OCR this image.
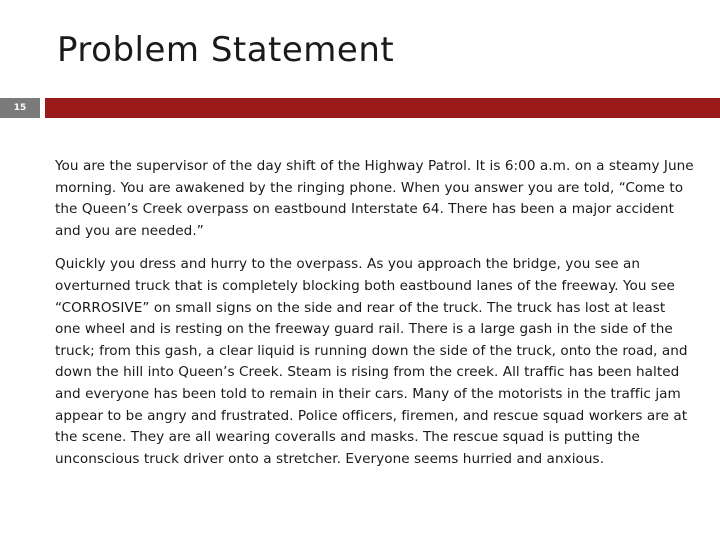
Problem Statement
15

You are the supervisor of the day shift of the Highway Patrol. It is 6:00 a.m. on a steamy June morning. You are awakened by the ringing phone. When you answer you are told, “Come to the Queen’s Creek overpass on eastbound Interstate 64. There has been a major accident and you are needed.”

Quickly you dress and hurry to the overpass. As you approach the bridge, you see an overturned truck that is completely blocking both eastbound lanes of the freeway. You see “CORROSIVE” on small signs on the side and rear of the truck. The truck has lost at least one wheel and is resting on the freeway guard rail. There is a large gash in the side of the truck; from this gash, a clear liquid is running down the side of the truck, onto the road, and down the hill into Queen’s Creek. Steam is rising from the creek. All traffic has been halted and everyone has been told to remain in their cars. Many of the motorists in the traffic jam appear to be angry and frustrated. Police officers, firemen, and rescue squad workers are at the scene. They are all wearing coveralls and masks. The rescue squad is putting the unconscious truck driver onto a stretcher. Everyone seems hurried and anxious.
